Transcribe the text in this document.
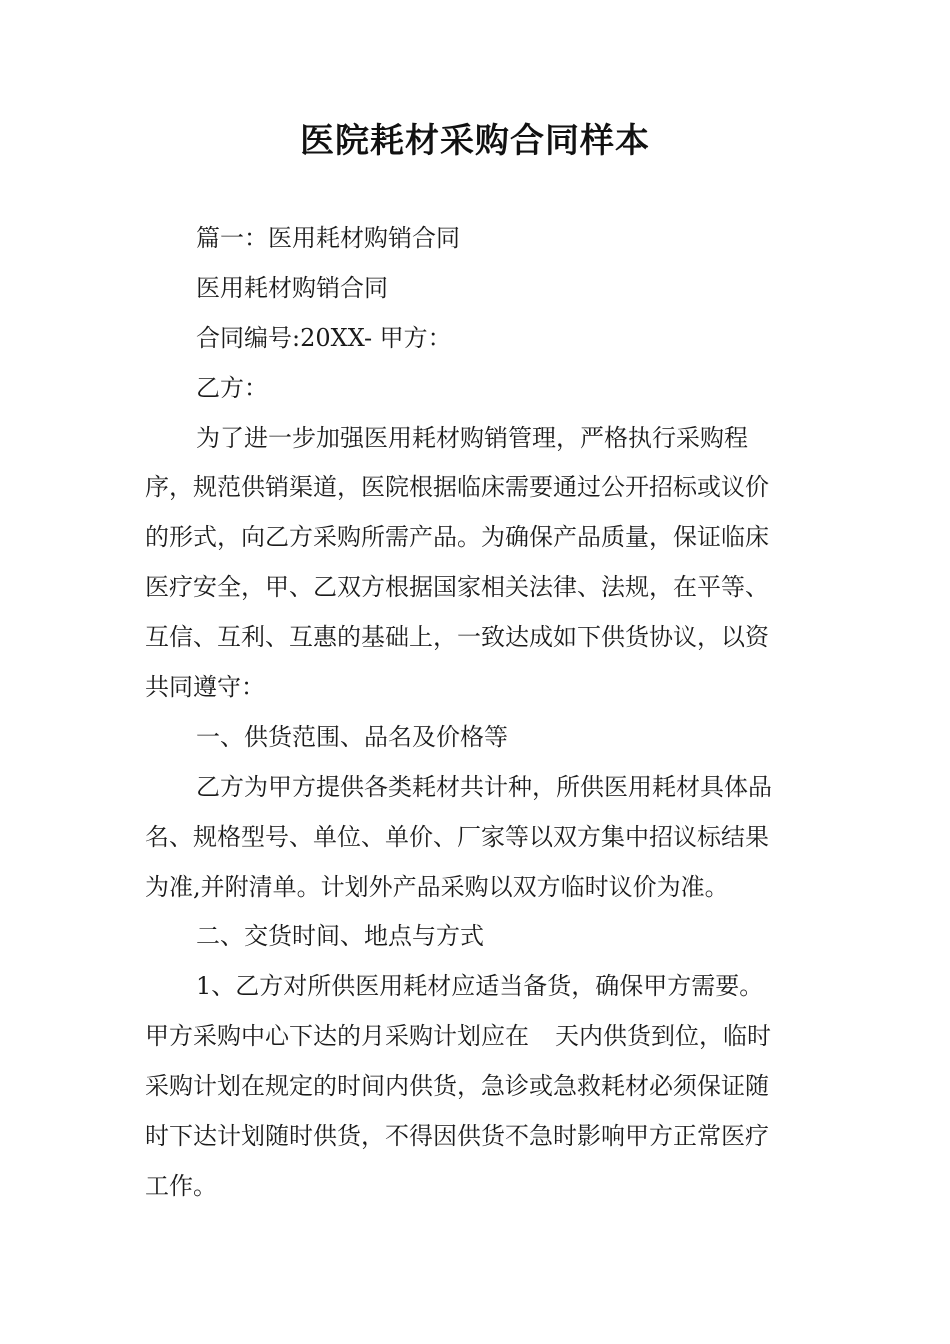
医院耗材采购合同样本
篇一：医用耗材购销合同
医用耗材购销合同
合同编号:20XX- 甲方：
乙方：
为了进一步加强医用耗材购销管理，严格执行采购程
序，规范供销渠道，医院根据临床需要通过公开招标或议价
的形式，向乙方采购所需产品。为确保产品质量，保证临床
医疗安全，甲、乙双方根据国家相关法律、法规，在平等、
互信、互利、互惠的基础上，一致达成如下供货协议，以资
共同遵守：
一、供货范围、品名及价格等
乙方为甲方提供各类耗材共计种，所供医用耗材具体品
名、规格型号、单位、单价、厂家等以双方集中招议标结果
为准,并附清单。计划外产品采购以双方临时议价为准。
二、交货时间、地点与方式
1、乙方对所供医用耗材应适当备货，确保甲方需要。
甲方采购中心下达的月采购计划应在 天内供货到位，临时
采购计划在规定的时间内供货，急诊或急救耗材必须保证随
时下达计划随时供货，不得因供货不急时影响甲方正常医疗
工作。
